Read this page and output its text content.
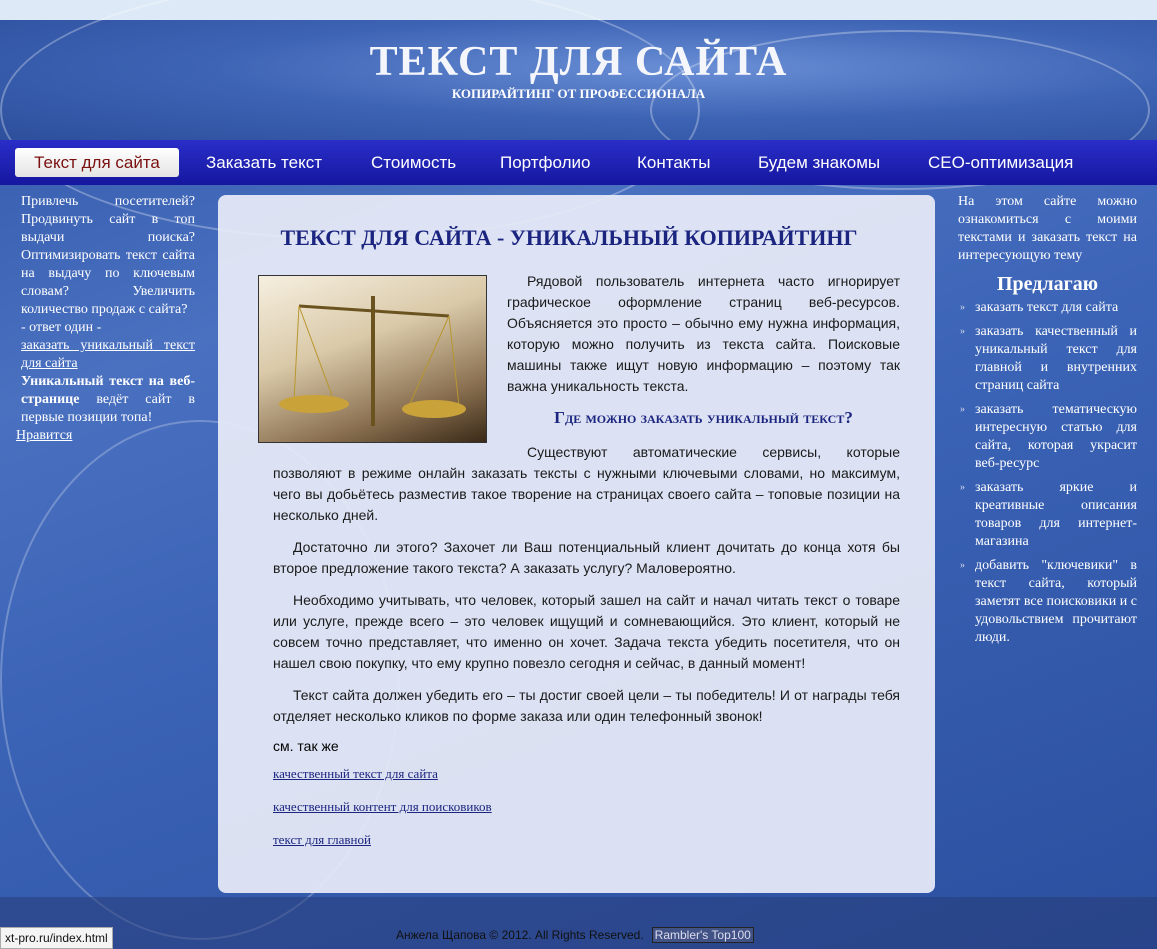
ТЕКСТ ДЛЯ САЙТА
КОПИРАЙТИНГ ОТ ПРОФЕССИОНАЛА
Текст для сайта	Заказать текст	Стоимость	Портфолио	Контакты	Будем знакомы	СЕО-оптимизация
Привлечь посетителей? Продвинуть сайт в топ выдачи поиска? Оптимизировать текст сайта на выдачу по ключевым словам? Увеличить количество продаж с сайта?
- ответ один -
заказать уникальный текст для сайта
Уникальный текст на веб-странице ведёт сайт в первые позиции топа!
Нравится
ТЕКСТ ДЛЯ САЙТА - УНИКАЛЬНЫЙ КОПИРАЙТИНГ
Рядовой пользователь интернета часто игнорирует графическое оформление страниц веб-ресурсов. Объясняется это просто – обычно ему нужна информация, которую можно получить из текста сайта. Поисковые машины также ищут новую информацию – поэтому так важна уникальность текста.
Где можно заказать уникальный текст?
Существуют автоматические сервисы, которые позволяют в режиме онлайн заказать тексты с нужными ключевыми словами, но максимум, чего вы добьётесь разместив такое творение на страницах своего сайта – топовые позиции на несколько дней.
Достаточно ли этого? Захочет ли Ваш потенциальный клиент дочитать до конца хотя бы второе предложение такого текста? А заказать услугу? Маловероятно.
Необходимо учитывать, что человек, который зашел на сайт и начал читать текст о товаре или услуге, прежде всего – это человек ищущий и сомневающийся. Это клиент, который не совсем точно представляет, что именно он хочет. Задача текста убедить посетителя, что он нашел свою покупку, что ему крупно повезло сегодня и сейчас, в данный момент!
Текст сайта должен убедить его – ты достиг своей цели – ты победитель! И от награды тебя отделяет несколько кликов по форме заказа или один телефонный звонок!
см. так же
качественный текст для сайта
качественный контент для поисковиков
текст для главной
На этом сайте можно ознакомиться с моими текстами и заказать текст на интересующую тему
Предлагаю
» заказать текст для сайта
» заказать качественный и уникальный текст для главной и внутренних страниц сайта
» заказать тематическую интересную статью для сайта, которая украсит веб-ресурс
» заказать яркие и креативные описания товаров для интернет-магазина
» добавить "ключевики" в текст сайта, который заметят все поисковики и с удовольствием прочитают люди.
Анжела Щапова © 2012. All Rights Reserved. Rambler's Top100
xt-pro.ru/index.html
